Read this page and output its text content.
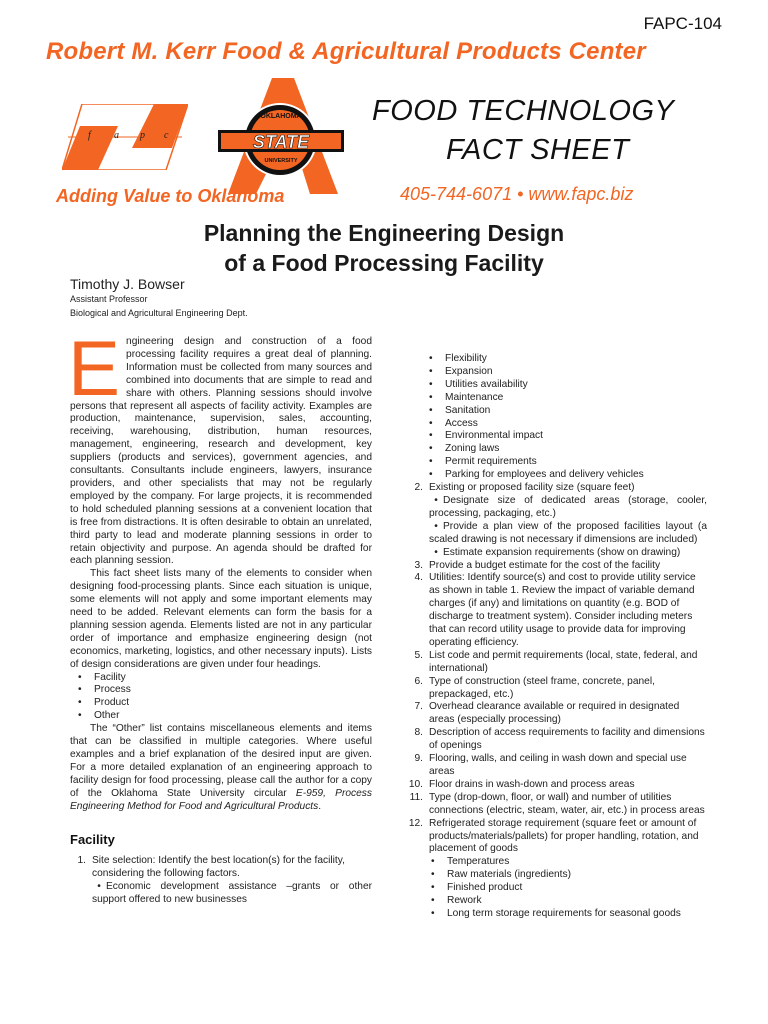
FAPC-104
Robert M. Kerr Food & Agricultural Products Center
f a p c
OKLAHOMA
STATE
UNIVERSITY
FOOD TECHNOLOGY
FACT SHEET
Adding Value to Oklahoma	405-744-6071 • www.fapc.biz
Planning the Engineering Design
of a Food Processing Facility
Timothy J. Bowser
Assistant Professor
Biological and Agricultural Engineering Dept.

Engineering design and construction of a food processing facility requires a great deal of planning. Information must be collected from many sources and combined into documents that are simple to read and share with others. Planning sessions should involve persons that represent all aspects of facility activity. Examples are production, maintenance, supervision, sales, accounting, receiving, warehousing, distribution, human resources, management, engineering, research and development, key suppliers (products and services), government agencies, and consultants. Consultants include engineers, lawyers, insurance providers, and other specialists that may not be regularly employed by the company. For large projects, it is recommended to hold scheduled planning sessions at a convenient location that is free from distractions. It is often desirable to obtain an unrelated, third party to lead and moderate planning sessions in order to retain objectivity and purpose. An agenda should be drafted for each planning session.

This fact sheet lists many of the elements to consider when designing food-processing plants. Since each situation is unique, some elements will not apply and some important elements may need to be added. Relevant elements can form the basis for a planning session agenda. Elements listed are not in any particular order of importance and emphasize engineering design (not economics, marketing, logistics, and other necessary inputs). Lists of design considerations are given under four headings.

• Facility
• Process
• Product
• Other

The “Other” list contains miscellaneous elements and items that can be classified in multiple categories. Where useful examples and a brief explanation of the desired input are given. For a more detailed explanation of an engineering approach to facility design for food processing, please call the author for a copy of the Oklahoma State University circular E-959, Process Engineering Method for Food and Agricultural Products.

Facility
1. Site selection: Identify the best location(s) for the facility, considering the following factors.
• Economic development assistance –grants or other support offered to new businesses
• Flexibility
• Expansion
• Utilities availability
• Maintenance
• Sanitation
• Access
• Environmental impact
• Zoning laws
• Permit requirements
• Parking for employees and delivery vehicles
2. Existing or proposed facility size (square feet)
• Designate size of dedicated areas (storage, cooler, processing, packaging, etc.)
• Provide a plan view of the proposed facilities layout (a scaled drawing is not necessary if dimensions are included)
• Estimate expansion requirements (show on drawing)
3. Provide a budget estimate for the cost of the facility
4. Utilities: Identify source(s) and cost to provide utility service as shown in table 1. Review the impact of variable demand charges (if any) and limitations on quantity (e.g. BOD of discharge to treatment system). Consider including meters that can record utility usage to provide data for improving operating efficiency.
5. List code and permit requirements (local, state, federal, and international)
6. Type of construction (steel frame, concrete, panel, prepackaged, etc.)
7. Overhead clearance available or required in designated areas (especially processing)
8. Description of access requirements to facility and dimensions of openings
9. Flooring, walls, and ceiling in wash down and special use areas
10. Floor drains in wash-down and process areas
11. Type (drop-down, floor, or wall) and number of utilities connections (electric, steam, water, air, etc.) in process areas
12. Refrigerated storage requirement (square feet or amount of products/materials/pallets) for proper handling, rotation, and placement of goods
• Temperatures
• Raw materials (ingredients)
• Finished product
• Rework
• Long term storage requirements for seasonal goods
